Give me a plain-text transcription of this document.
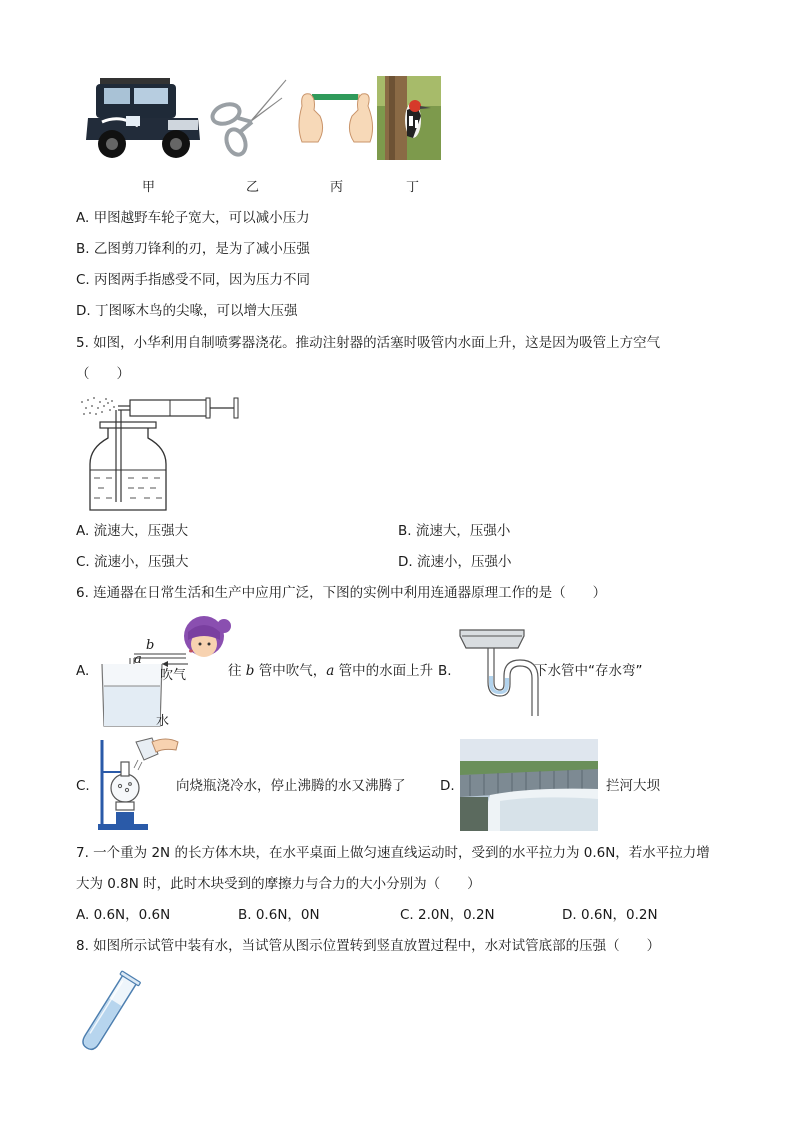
甲	乙	丙	丁
A. 甲图越野车轮子宽大，可以减小压力
B. 乙图剪刀锋利的刃，是为了减小压强
C. 丙图两手指感受不同，因为压力不同
D. 丁图啄木鸟的尖喙，可以增大压强
5. 如图，小华利用自制喷雾器浇花。推动注射器的活塞时吸管内水面上升，这是因为吸管上方空气
（　　）
A. 流速大，压强大	B. 流速大，压强小
C. 流速小，压强大	D. 流速小，压强小
6. 连通器在日常生活和生产中应用广泛，下图的实例中利用连通器原理工作的是（　　）
A.
b
a
吹气
水
往 b 管中吹气，a 管中的水面上升 B.	下水管中“存水弯”
C.	向烧瓶浇冷水，停止沸腾的水又沸腾了	D.	拦河大坝
7. 一个重为 2N 的长方体木块，在水平桌面上做匀速直线运动时，受到的水平拉力为 0.6N，若水平拉力增
大为 0.8N 时，此时木块受到的摩擦力与合力的大小分别为（　　）
A. 0.6N，0.6N	B. 0.6N，0N	C. 2.0N，0.2N	D. 0.6N，0.2N
8. 如图所示试管中装有水，当试管从图示位置转到竖直放置过程中，水对试管底部的压强（　　）
